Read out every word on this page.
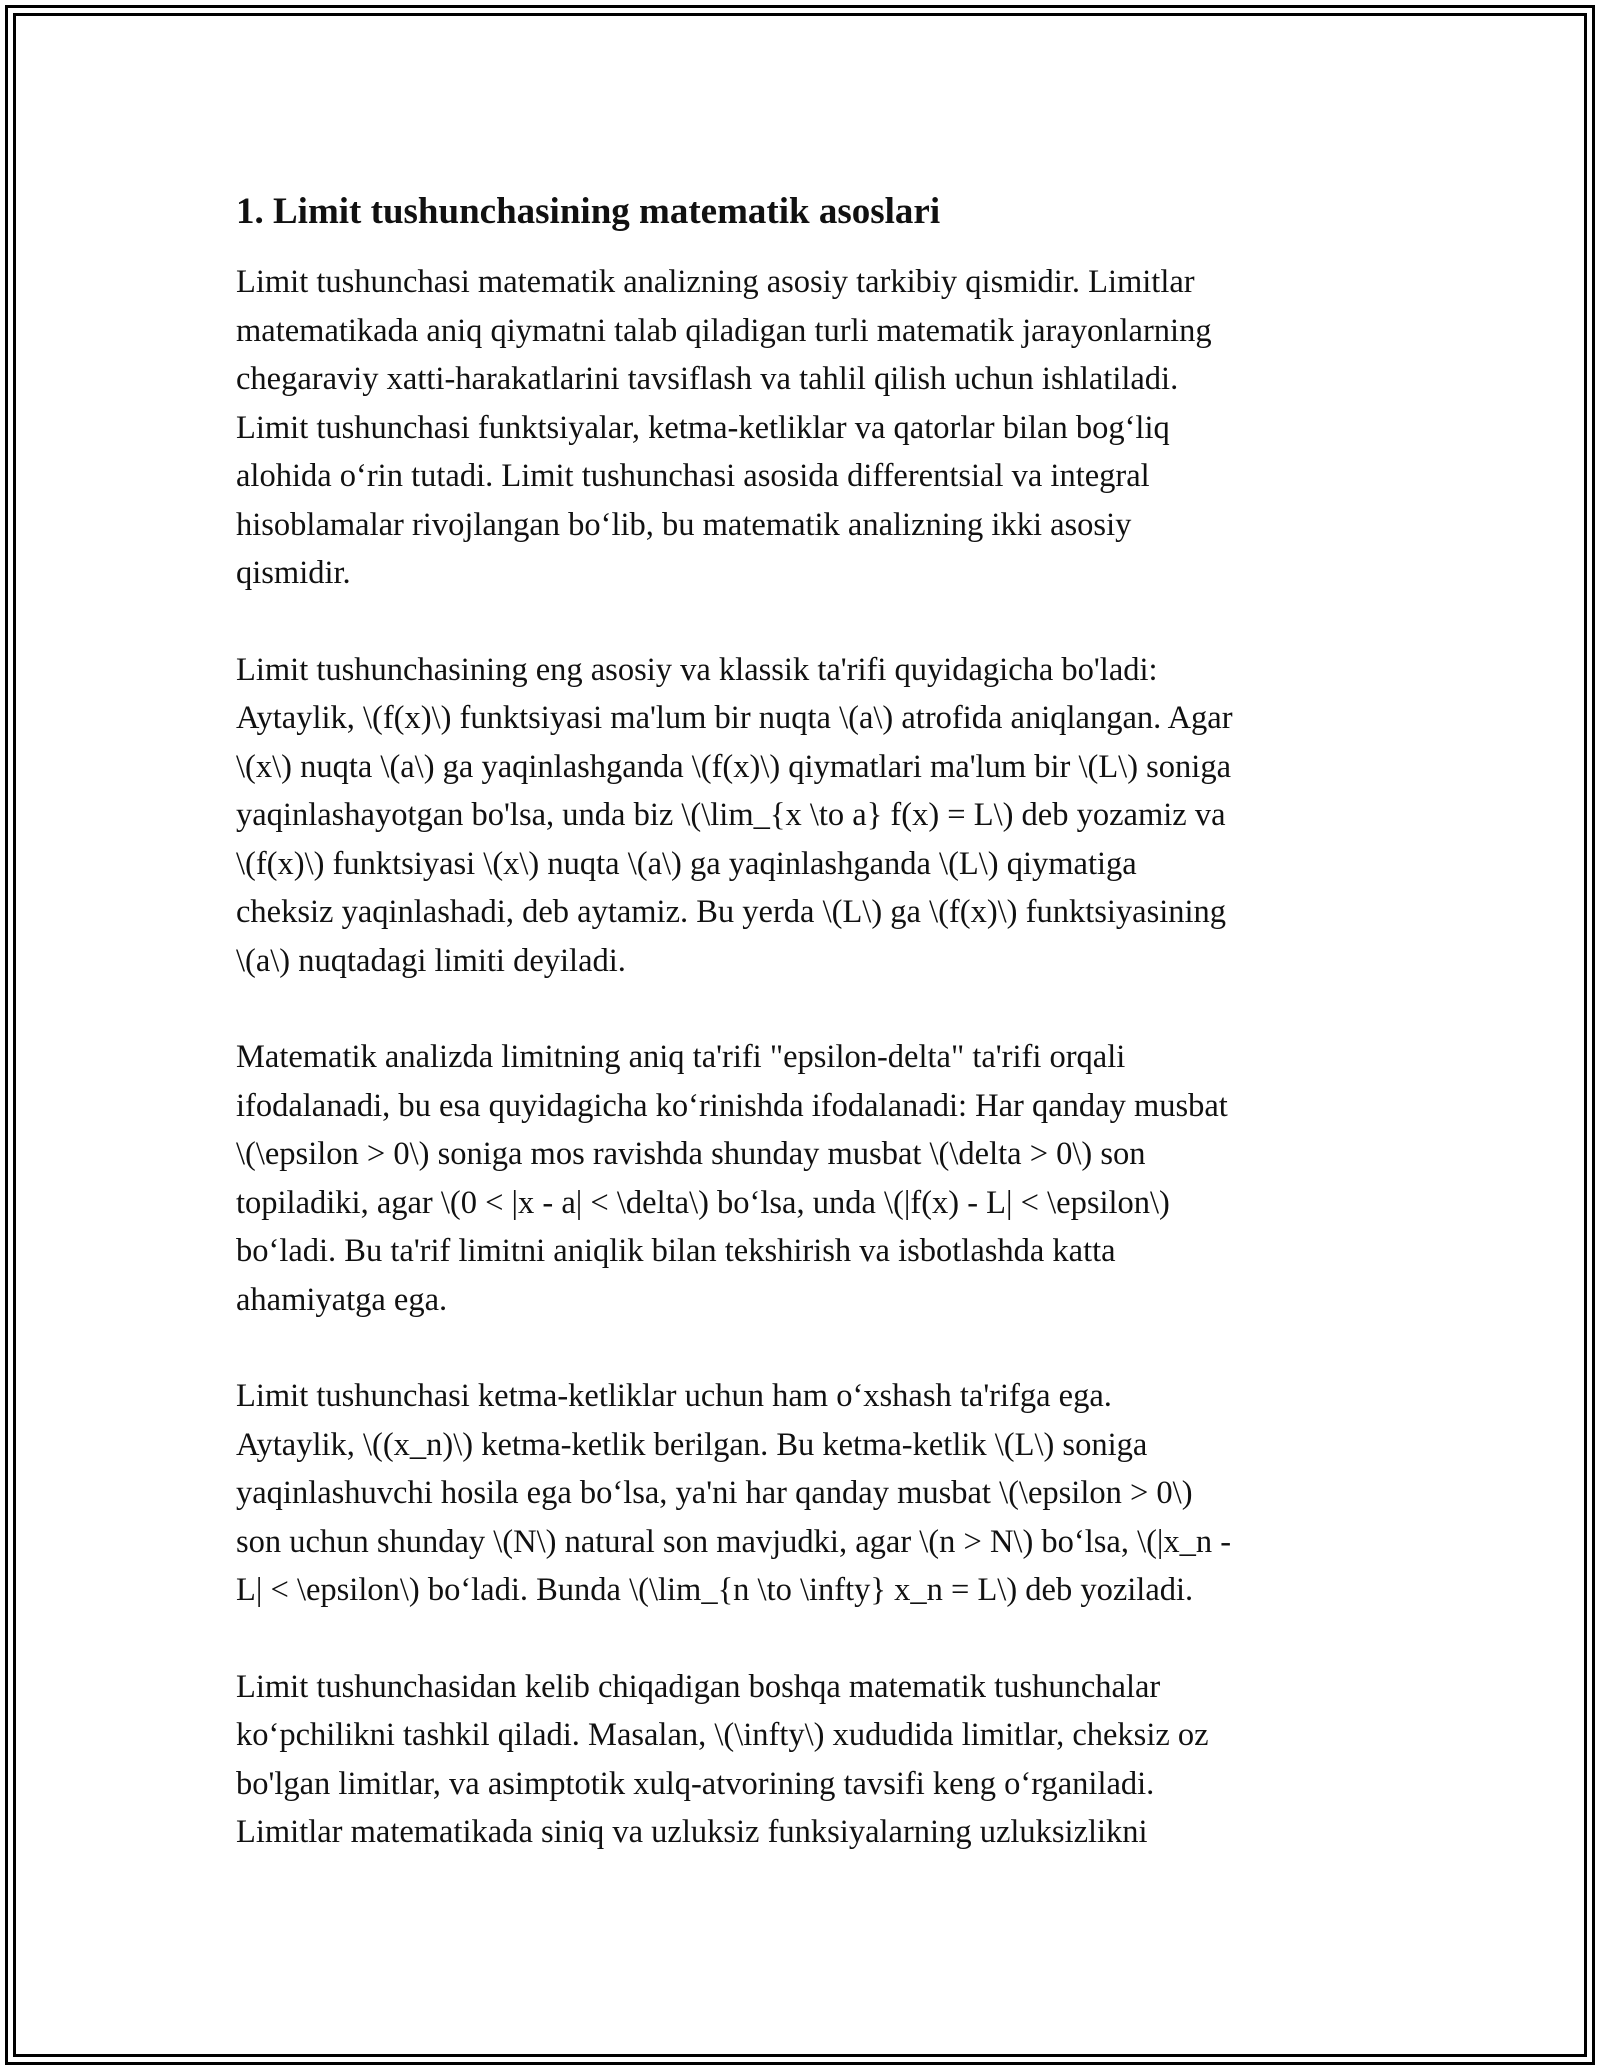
1. Limit tushunchasining matematik asoslari

Limit tushunchasi matematik analizning asosiy tarkibiy qismidir. Limitlar
matematikada aniq qiymatni talab qiladigan turli matematik jarayonlarning
chegaraviy xatti-harakatlarini tavsiflash va tahlil qilish uchun ishlatiladi.
Limit tushunchasi funktsiyalar, ketma-ketliklar va qatorlar bilan bog‘liq
alohida o‘rin tutadi. Limit tushunchasi asosida differentsial va integral
hisoblamalar rivojlangan bo‘lib, bu matematik analizning ikki asosiy
qismidir.

Limit tushunchasining eng asosiy va klassik ta'rifi quyidagicha bo'ladi:
Aytaylik, \(f(x)\) funktsiyasi ma'lum bir nuqta \(a\) atrofida aniqlangan. Agar
\(x\) nuqta \(a\) ga yaqinlashganda \(f(x)\) qiymatlari ma'lum bir \(L\) soniga
yaqinlashayotgan bo'lsa, unda biz \(\lim_{x \to a} f(x) = L\) deb yozamiz va
\(f(x)\) funktsiyasi \(x\) nuqta \(a\) ga yaqinlashganda \(L\) qiymatiga
cheksiz yaqinlashadi, deb aytamiz. Bu yerda \(L\) ga \(f(x)\) funktsiyasining
\(a\) nuqtadagi limiti deyiladi.

Matematik analizda limitning aniq ta'rifi "epsilon-delta" ta'rifi orqali
ifodalanadi, bu esa quyidagicha ko‘rinishda ifodalanadi: Har qanday musbat
\(\epsilon > 0\) soniga mos ravishda shunday musbat \(\delta > 0\) son
topiladiki, agar \(0 < |x - a| < \delta\) bo‘lsa, unda \(|f(x) - L| < \epsilon\)
bo‘ladi. Bu ta'rif limitni aniqlik bilan tekshirish va isbotlashda katta
ahamiyatga ega.

Limit tushunchasi ketma-ketliklar uchun ham o‘xshash ta'rifga ega.
Aytaylik, \((x_n)\) ketma-ketlik berilgan. Bu ketma-ketlik \(L\) soniga
yaqinlashuvchi hosila ega bo‘lsa, ya'ni har qanday musbat \(\epsilon > 0\)
son uchun shunday \(N\) natural son mavjudki, agar \(n > N\) bo‘lsa, \(|x_n -
L| < \epsilon\) bo‘ladi. Bunda \(\lim_{n \to \infty} x_n = L\) deb yoziladi.

Limit tushunchasidan kelib chiqadigan boshqa matematik tushunchalar
ko‘pchilikni tashkil qiladi. Masalan, \(\infty\) xududida limitlar, cheksiz oz
bo'lgan limitlar, va asimptotik xulq-atvorining tavsifi keng o‘rganiladi.
Limitlar matematikada siniq va uzluksiz funksiyalarning uzluksizlikni
